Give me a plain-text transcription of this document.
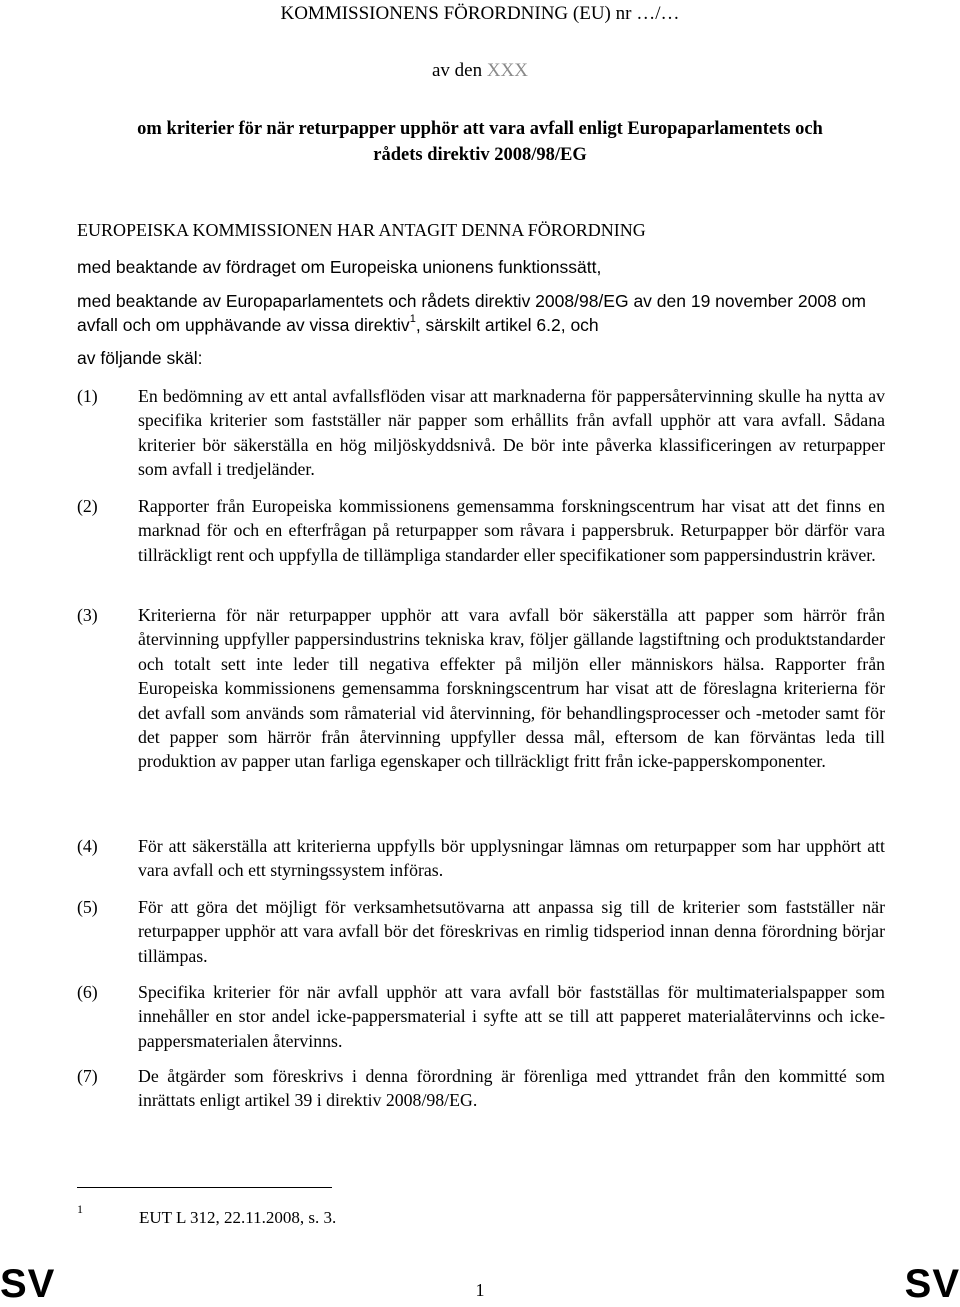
KOMMISSIONENS FÖRORDNING (EU) nr …/…
av den XXX
om kriterier för när returpapper upphör att vara avfall enligt Europaparlamentets och
rådets direktiv 2008/98/EG
EUROPEISKA KOMMISSIONEN HAR ANTAGIT DENNA FÖRORDNING
med beaktande av fördraget om Europeiska unionens funktionssätt,
med beaktande av Europaparlamentets och rådets direktiv 2008/98/EG av den 19 november 2008 om avfall och om upphävande av vissa direktiv$^1$, särskilt artikel 6.2, och
av följande skäl:
(1)	En bedömning av ett antal avfallsflöden visar att marknaderna för pappersåtervinning skulle ha nytta av specifika kriterier som fastställer när papper som erhållits från avfall upphör att vara avfall. Sådana kriterier bör säkerställa en hög miljöskyddsnivå. De bör inte påverka klassificeringen av returpapper som avfall i tredjeländer.
(2)	Rapporter från Europeiska kommissionens gemensamma forskningscentrum har visat att det finns en marknad för och en efterfrågan på returpapper som råvara i pappersbruk. Returpapper bör därför vara tillräckligt rent och uppfylla de tillämpliga standarder eller specifikationer som pappersindustrin kräver.
(3)	Kriterierna för när returpapper upphör att vara avfall bör säkerställa att papper som härrör från återvinning uppfyller pappersindustrins tekniska krav, följer gällande lagstiftning och produktstandarder och totalt sett inte leder till negativa effekter på miljön eller människors hälsa. Rapporter från Europeiska kommissionens gemensamma forskningscentrum har visat att de föreslagna kriterierna för det avfall som används som råmaterial vid återvinning, för behandlingsprocesser och -metoder samt för det papper som härrör från återvinning uppfyller dessa mål, eftersom de kan förväntas leda till produktion av papper utan farliga egenskaper och tillräckligt fritt från icke-papperskomponenter.
(4)	För att säkerställa att kriterierna uppfylls bör upplysningar lämnas om returpapper som har upphört att vara avfall och ett styrningssystem införas.
(5)	För att göra det möjligt för verksamhetsutövarna att anpassa sig till de kriterier som fastställer när returpapper upphör att vara avfall bör det föreskrivas en rimlig tidsperiod innan denna förordning börjar tillämpas.
(6)	Specifika kriterier för när avfall upphör att vara avfall bör fastställas för multimaterialspapper som innehåller en stor andel icke-pappersmaterial i syfte att se till att papperet materialåtervinns och icke-pappersmaterialen återvinns.
(7)	De åtgärder som föreskrivs i denna förordning är förenliga med yttrandet från den kommitté som inrättats enligt artikel 39 i direktiv 2008/98/EG.
1	EUT L 312, 22.11.2008, s. 3.
SV	1	SV
